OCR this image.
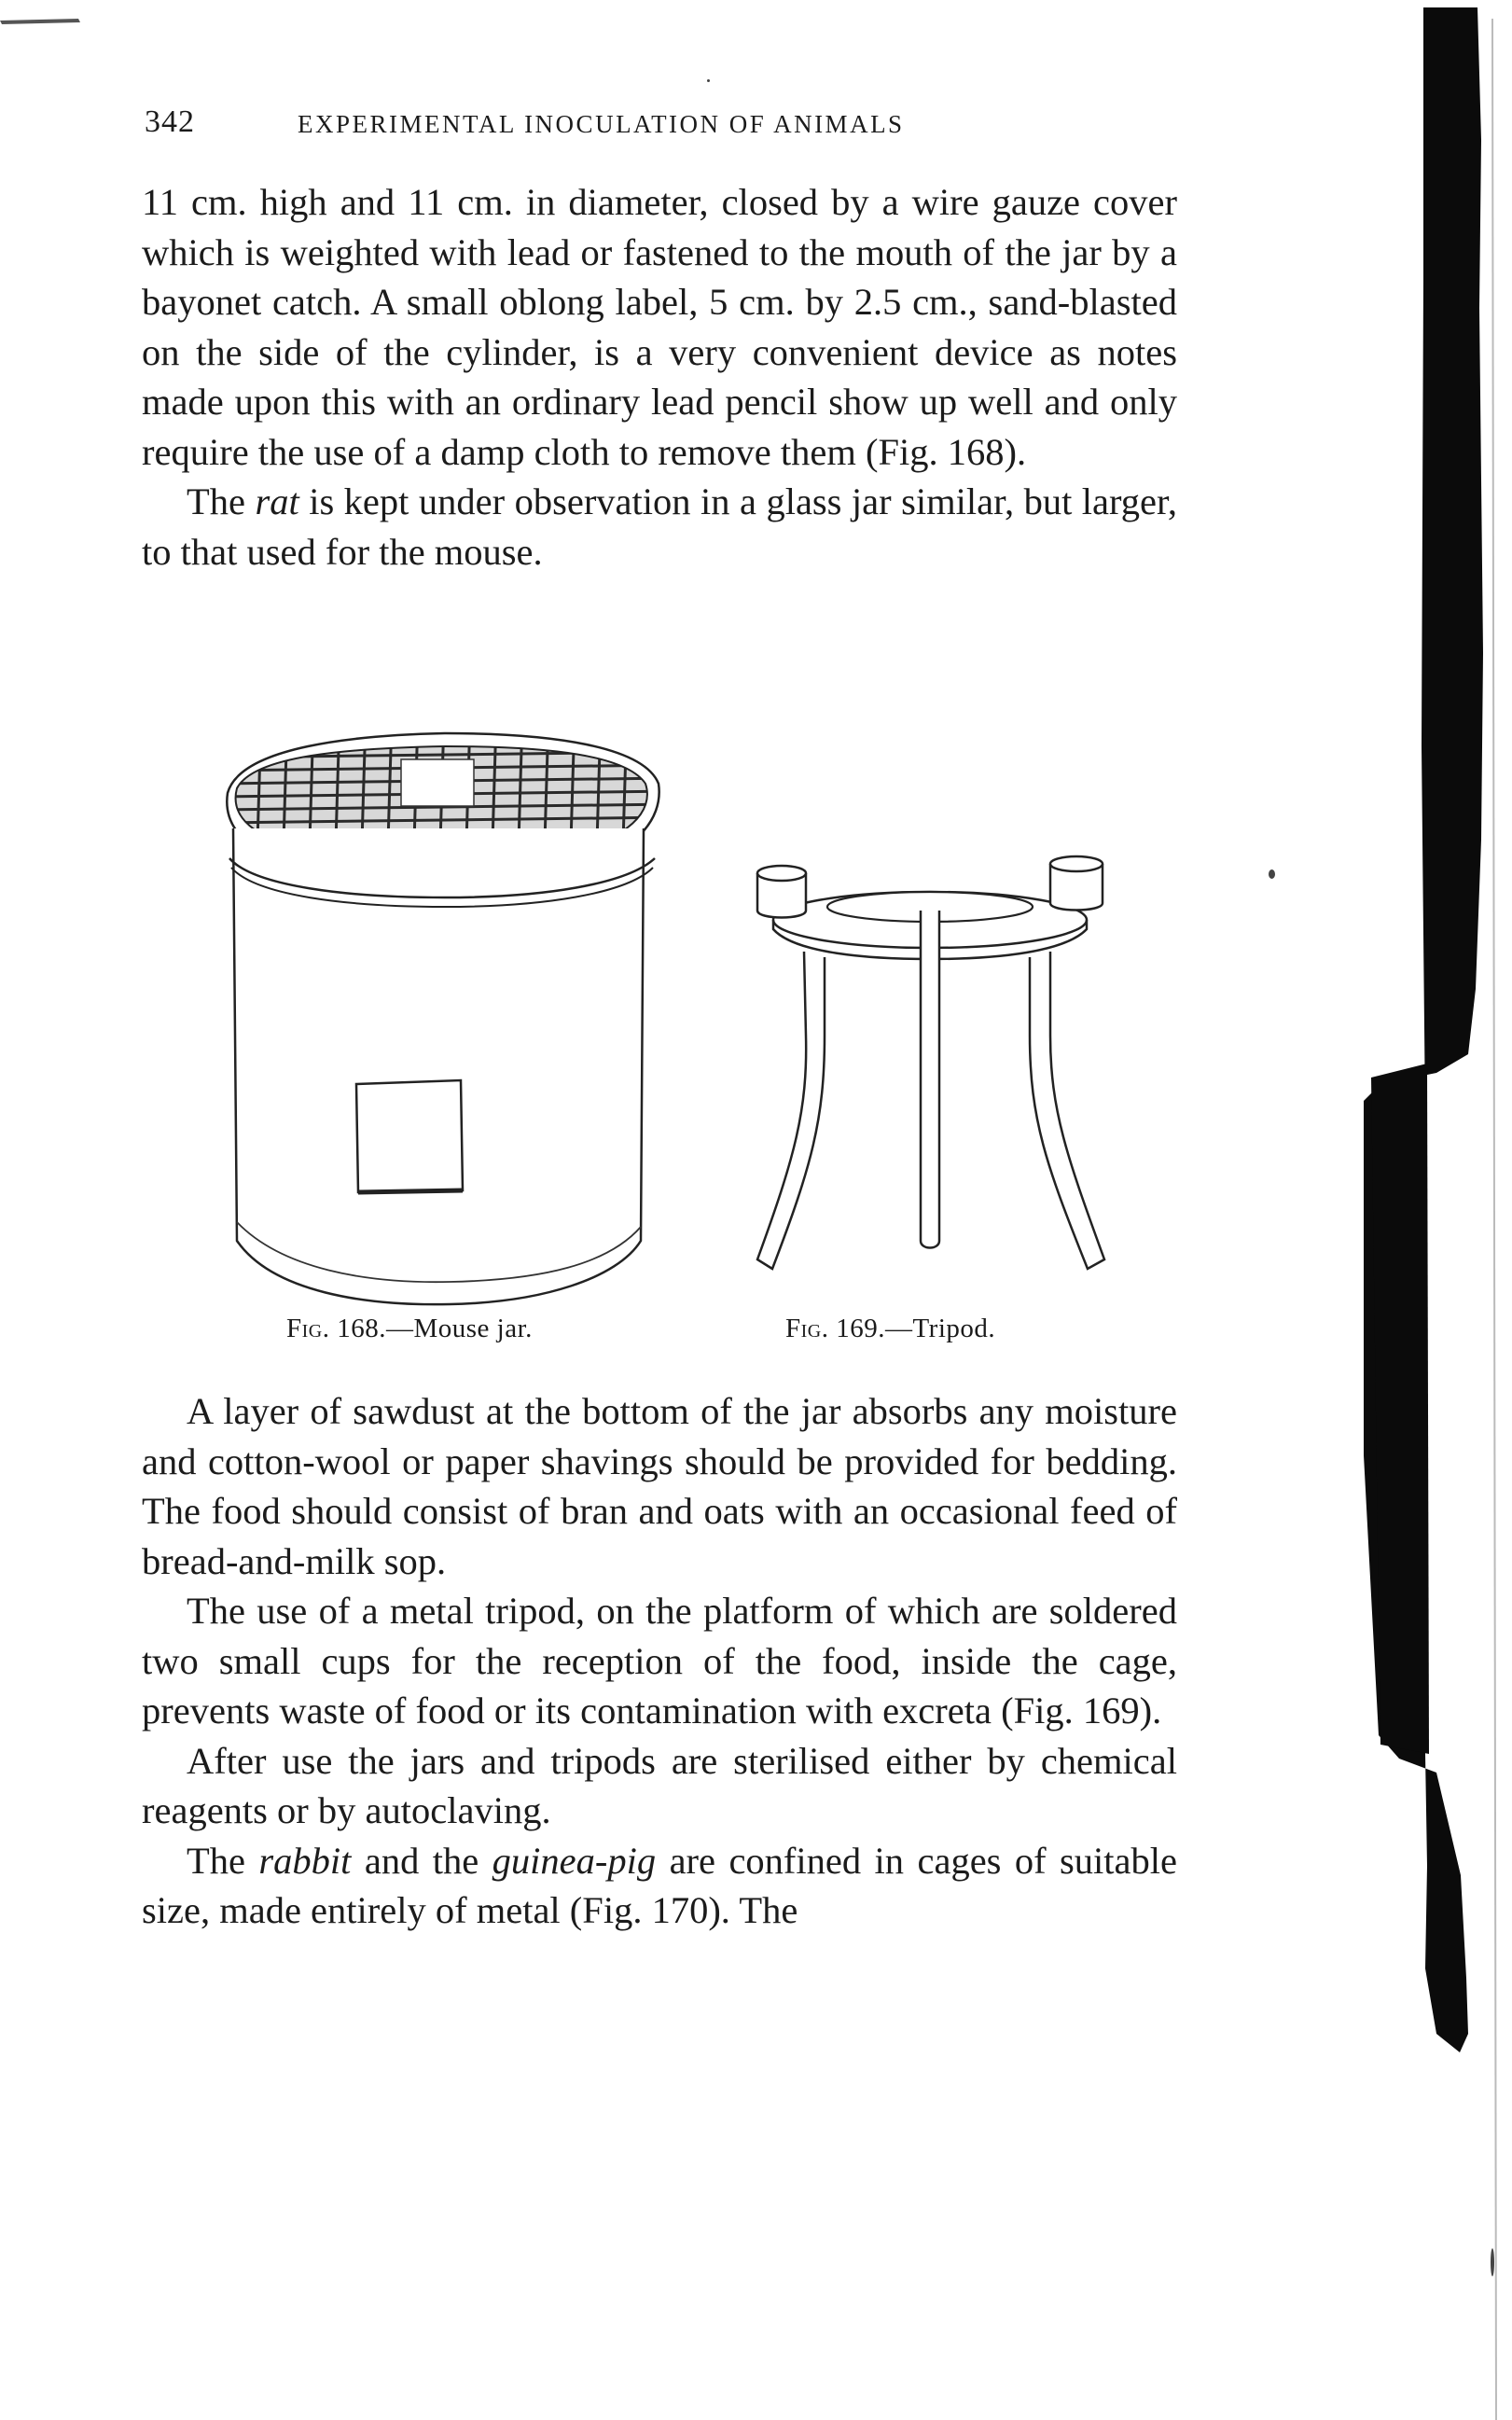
342	EXPERIMENTAL INOCULATION OF ANIMALS

11 cm. high and 11 cm. in diameter, closed by a wire gauze cover which is weighted with lead or fastened to the mouth of the jar by a bayonet catch. A small oblong label, 5 cm. by 2.5 cm., sand-blasted on the side of the cylinder, is a very convenient device as notes made upon this with an ordinary lead pencil show up well and only require the use of a damp cloth to remove them (Fig. 168).

The rat is kept under observation in a glass jar similar, but larger, to that used for the mouse.

Fig. 168.—Mouse jar.	Fig. 169.—Tripod.

A layer of sawdust at the bottom of the jar absorbs any moisture and cotton-wool or paper shavings should be provided for bedding. The food should consist of bran and oats with an occasional feed of bread-and-milk sop.

The use of a metal tripod, on the platform of which are soldered two small cups for the reception of the food, inside the cage, prevents waste of food or its contamination with excreta (Fig. 169).

After use the jars and tripods are sterilised either by chemical reagents or by autoclaving.

The rabbit and the guinea-pig are confined in cages of suitable size, made entirely of metal (Fig. 170). The
